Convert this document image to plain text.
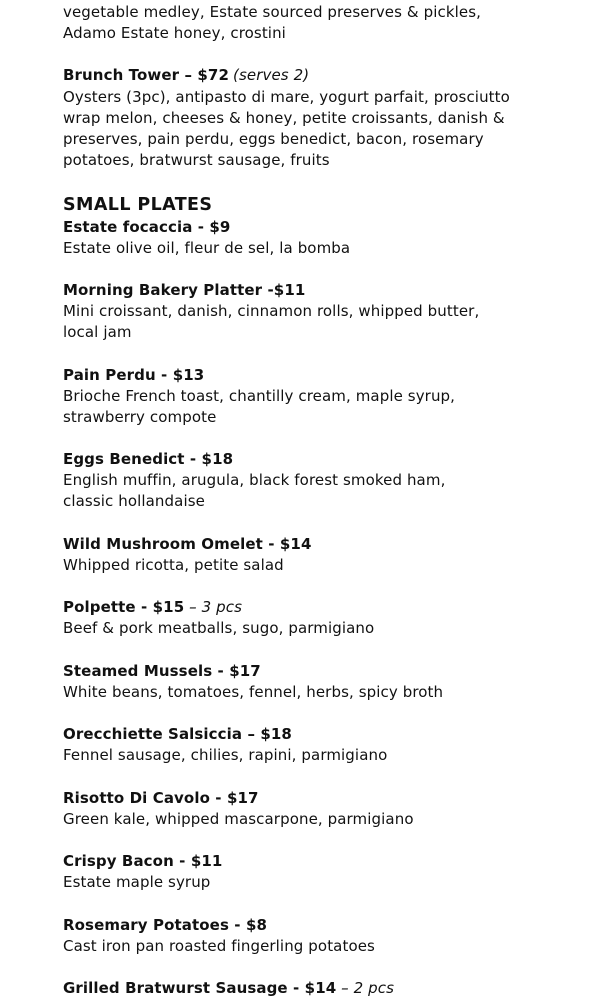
vegetable medley, Estate sourced preserves & pickles,
Adamo Estate honey, crostini
Brunch Tower – $72 (serves 2)
Oysters (3pc), antipasto di mare, yogurt parfait, prosciutto
wrap melon, cheeses & honey, petite croissants, danish &
preserves, pain perdu, eggs benedict, bacon, rosemary
potatoes, bratwurst sausage, fruits
SMALL PLATES
Estate focaccia - $9
Estate olive oil, fleur de sel, la bomba
Morning Bakery Platter -$11
Mini croissant, danish, cinnamon rolls, whipped butter,
local jam
Pain Perdu - $13
Brioche French toast, chantilly cream, maple syrup,
strawberry compote
Eggs Benedict - $18
English muffin, arugula, black forest smoked ham,
classic hollandaise
Wild Mushroom Omelet - $14
Whipped ricotta, petite salad
Polpette - $15 – 3 pcs
Beef & pork meatballs, sugo, parmigiano
Steamed Mussels - $17
White beans, tomatoes, fennel, herbs, spicy broth
Orecchiette Salsiccia – $18
Fennel sausage, chilies, rapini, parmigiano
Risotto Di Cavolo - $17
Green kale, whipped mascarpone, parmigiano
Crispy Bacon - $11
Estate maple syrup
Rosemary Potatoes - $8
Cast iron pan roasted fingerling potatoes
Grilled Bratwurst Sausage - $14 – 2 pcs
